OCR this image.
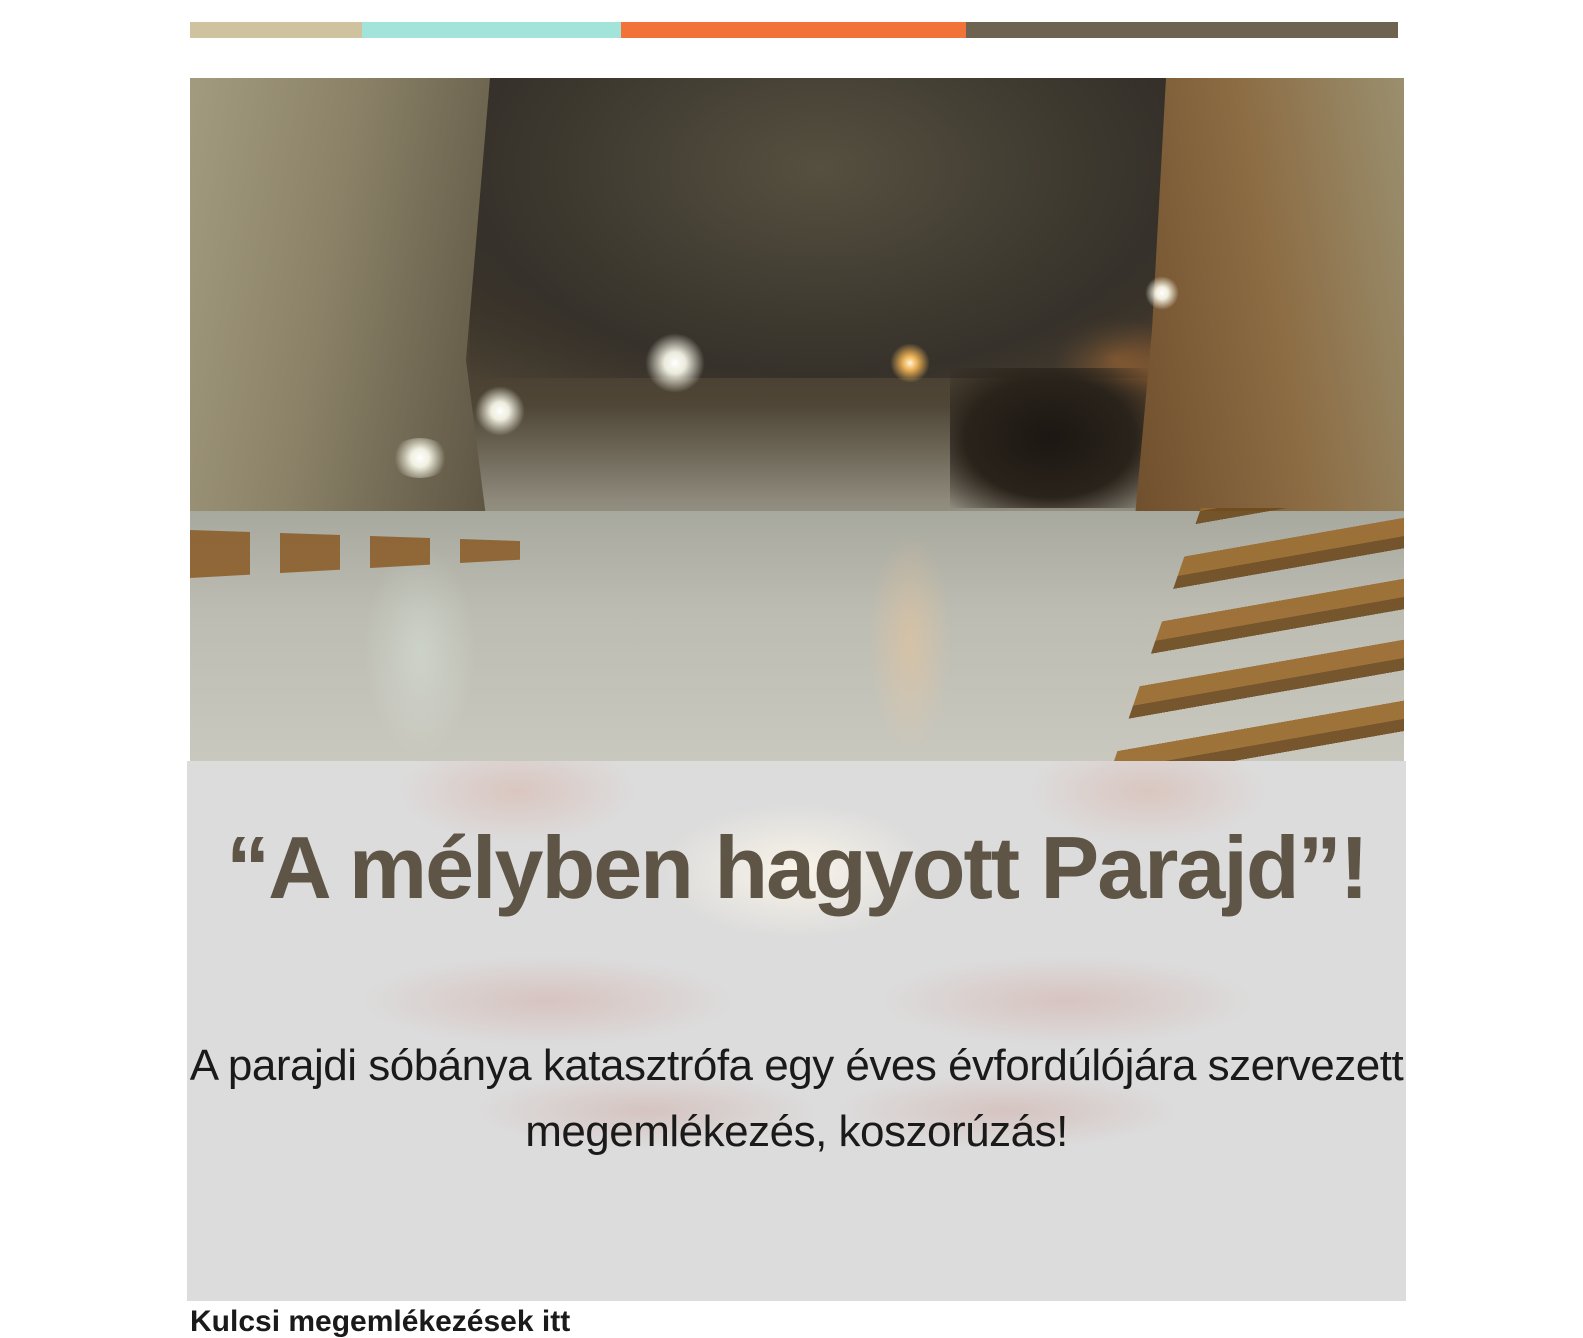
“A mélyben hagyott Parajd”!

A parajdi sóbánya katasztrófa egy éves évfordúlójára szervezett megemlékezés, koszorúzás!

Kulcsi megemlékezések itt
